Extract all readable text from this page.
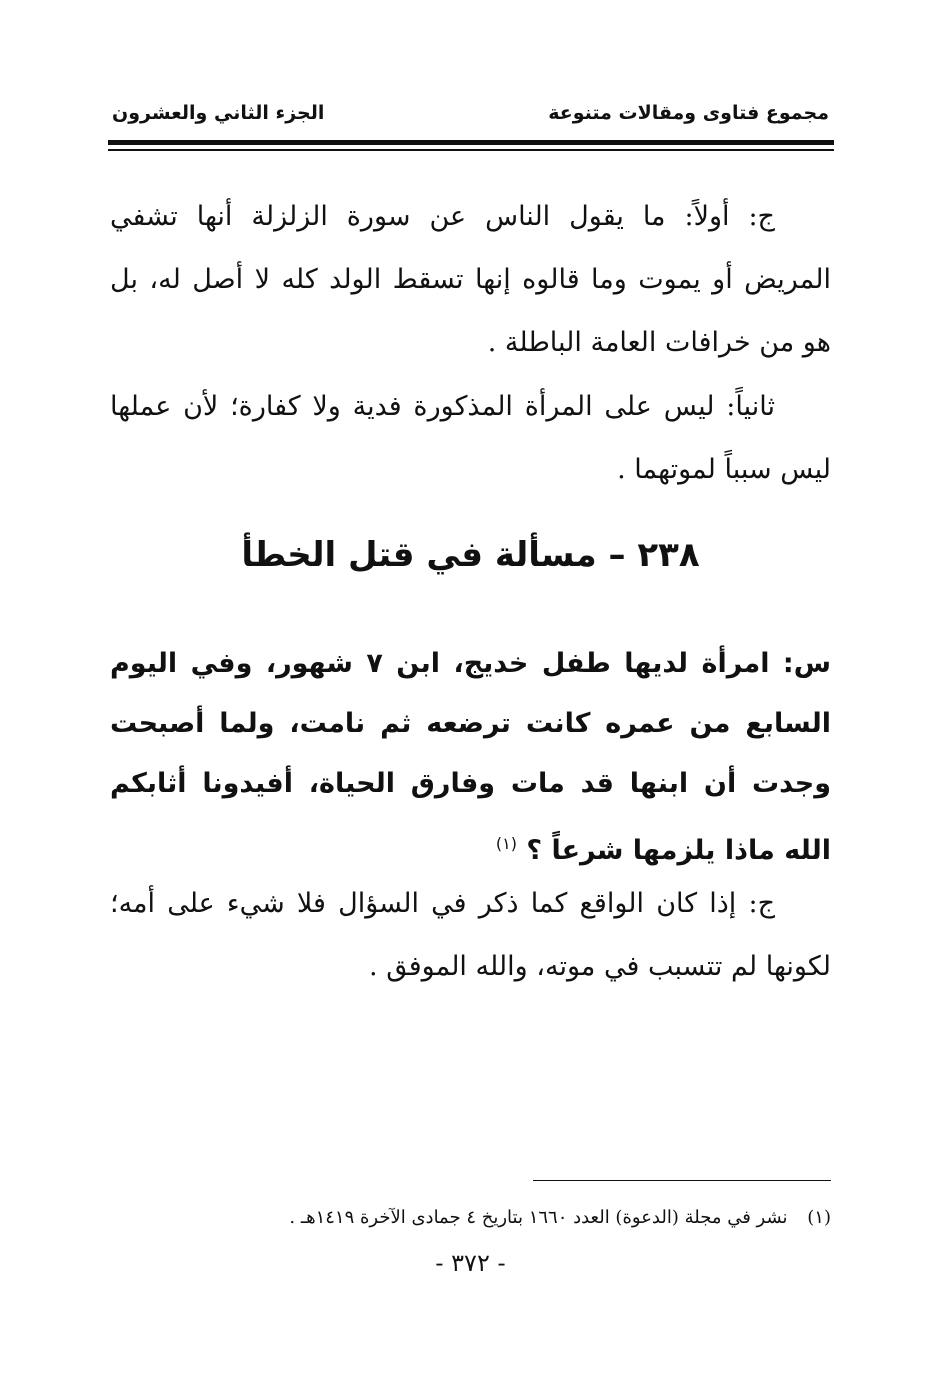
مجموع فتاوى ومقالات متنوعة
الجزء الثاني والعشرون

ج: أولاً: ما يقول الناس عن سورة الزلزلة أنها تشفي المريض أو يموت وما قالوه إنها تسقط الولد كله لا أصل له، بل هو من خرافات العامة الباطلة .

ثانياً: ليس على المرأة المذكورة فدية ولا كفارة؛ لأن عملها ليس سبباً لموتهما .

٢٣٨ – مسألة في قتل الخطأ
س: امرأة لديها طفل خديج، ابن ٧ شهور، وفي اليوم السابع من عمره كانت ترضعه ثم نامت، ولما أصبحت وجدت أن ابنها قد مات وفارق الحياة، أفيدونا أثابكم الله ماذا يلزمها شرعاً ؟ $^{(١)}$

ج: إذا كان الواقع كما ذكر في السؤال فلا شيء على أمه؛ لكونها لم تتسبب في موته، والله الموفق .

(١) نشر في مجلة (الدعوة) العدد ١٦٦٠ بتاريخ ٤ جمادى الآخرة ١٤١٩هـ .
- ٣٧٢ -
